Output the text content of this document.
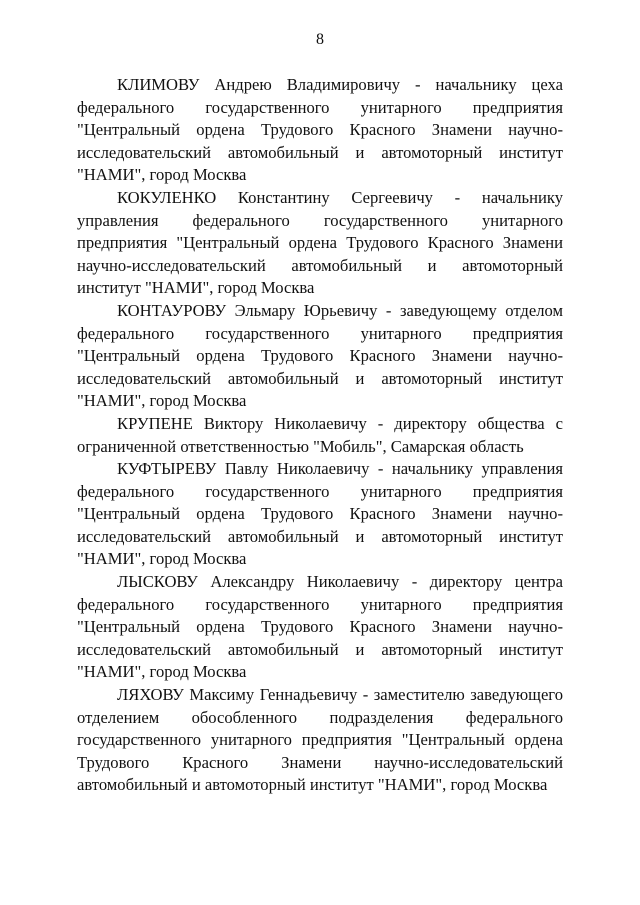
8

КЛИМОВУ Андрею Владимировичу - начальнику цеха федерального государственного унитарного предприятия "Центральный ордена Трудового Красного Знамени научно-исследовательский автомобильный и автомоторный институт "НАМИ", город Москва

КОКУЛЕНКО Константину Сергеевичу - начальнику управления федерального государственного унитарного предприятия "Центральный ордена Трудового Красного Знамени научно-исследовательский автомобильный и автомоторный институт "НАМИ", город Москва

КОНТАУРОВУ Эльмару Юрьевичу - заведующему отделом федерального государственного унитарного предприятия "Центральный ордена Трудового Красного Знамени научно-исследовательский автомобильный и автомоторный институт "НАМИ", город Москва

КРУПЕНЕ Виктору Николаевичу - директору общества с ограниченной ответственностью "Мобиль", Самарская область

КУФТЫРЕВУ Павлу Николаевичу - начальнику управления федерального государственного унитарного предприятия "Центральный ордена Трудового Красного Знамени научно-исследовательский автомобильный и автомоторный институт "НАМИ", город Москва

ЛЫСКОВУ Александру Николаевичу - директору центра федерального государственного унитарного предприятия "Центральный ордена Трудового Красного Знамени научно-исследовательский автомобильный и автомоторный институт "НАМИ", город Москва

ЛЯХОВУ Максиму Геннадьевичу - заместителю заведующего отделением обособленного подразделения федерального государственного унитарного предприятия "Центральный ордена Трудового Красного Знамени научно-исследовательский автомобильный и автомоторный институт "НАМИ", город Москва
